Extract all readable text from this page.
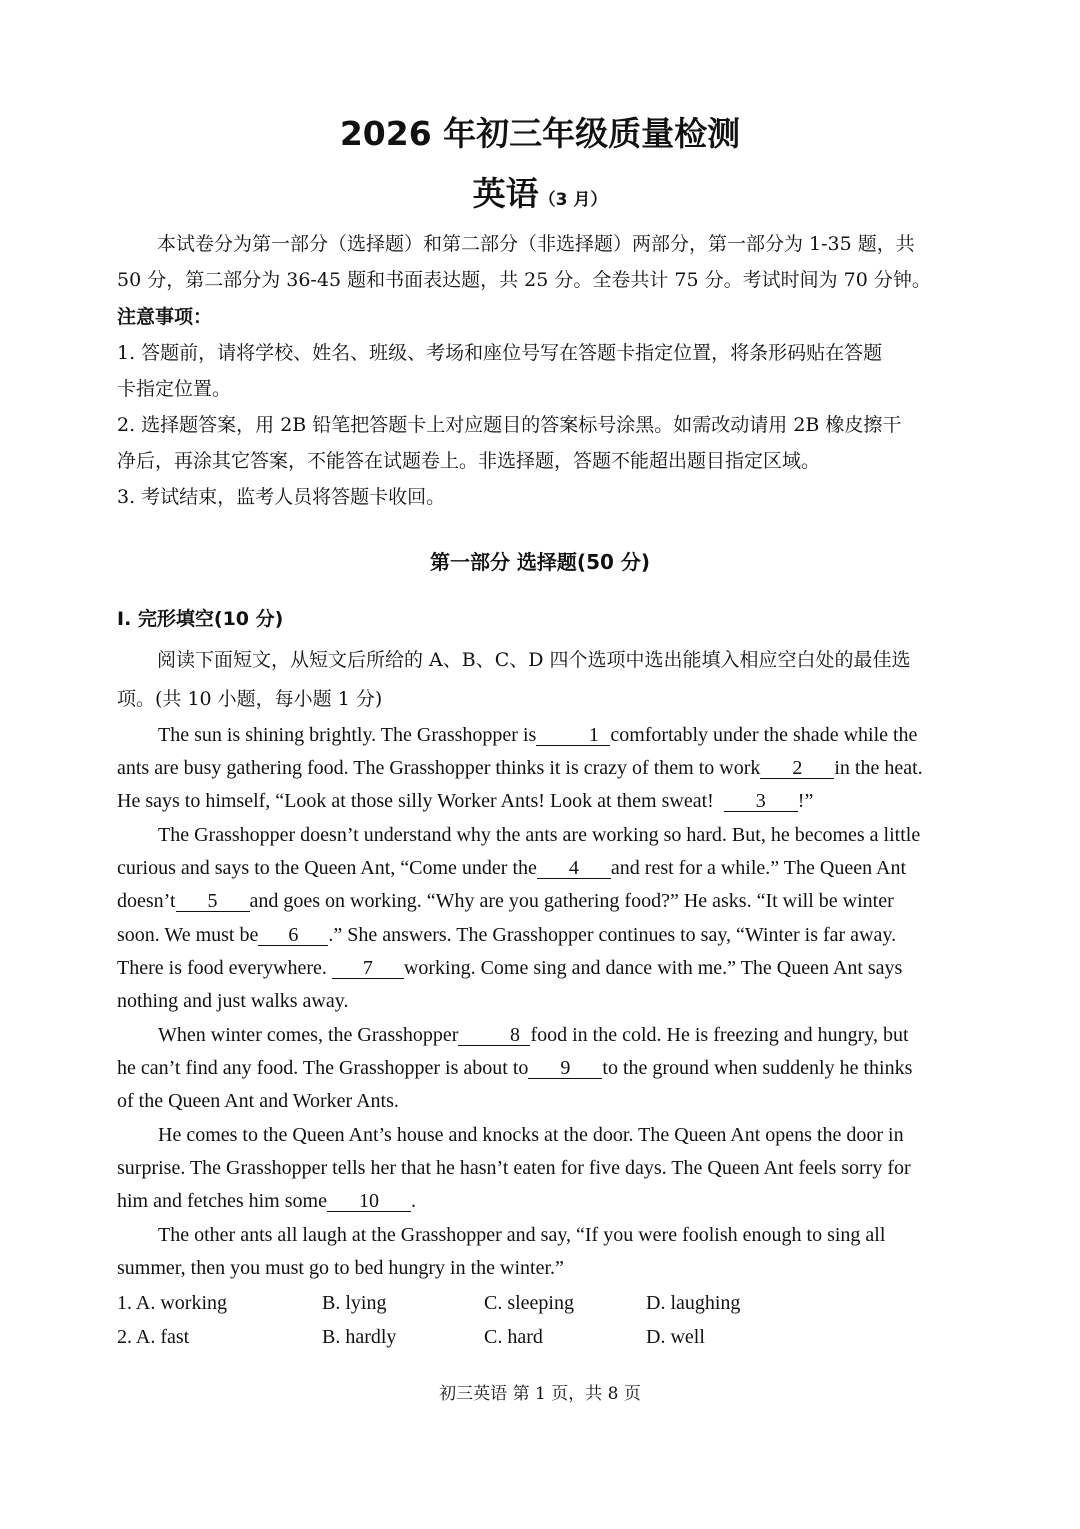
2026 年初三年级质量检测
英语（3 月）
本试卷分为第一部分（选择题）和第二部分（非选择题）两部分，第一部分为 1-35 题，共
50 分，第二部分为 36-45 题和书面表达题，共 25 分。全卷共计 75 分。考试时间为 70 分钟。
注意事项：
1. 答题前，请将学校、姓名、班级、考场和座位号写在答题卡指定位置，将条形码贴在答题
卡指定位置。
2. 选择题答案，用 2B 铅笔把答题卡上对应题目的答案标号涂黑。如需改动请用 2B 橡皮擦干
净后，再涂其它答案，不能答在试题卷上。非选择题，答题不能超出题目指定区域。
3. 考试结束，监考人员将答题卡收回。
第一部分 选择题(50 分)
I. 完形填空(10 分)
阅读下面短文，从短文后所给的 A、B、C、D 四个选项中选出能填入相应空白处的最佳选
项。(共 10 小题，每小题 1 分)
The sun is shining brightly. The Grasshopper is	1 comfortably under the shade while the
ants are busy gathering food. The Grasshopper thinks it is crazy of them to work 2 in the heat.
He says to himself, “Look at those silly Worker Ants! Look at them sweat! 3 !”
The Grasshopper doesn’t understand why the ants are working so hard. But, he becomes a little
curious and says to the Queen Ant, “Come under the 4 and rest for a while.” The Queen Ant
doesn’t 5 and goes on working. “Why are you gathering food?” He asks. “It will be winter
soon. We must be 6 .” She answers. The Grasshopper continues to say, “Winter is far away.
There is food everywhere. 7 working. Come sing and dance with me.” The Queen Ant says
nothing and just walks away.
When winter comes, the Grasshopper	8 food in the cold. He is freezing and hungry, but
he can’t find any food. The Grasshopper is about to 9 to the ground when suddenly he thinks
of the Queen Ant and Worker Ants.
He comes to the Queen Ant’s house and knocks at the door. The Queen Ant opens the door in
surprise. The Grasshopper tells her that he hasn’t eaten for five days. The Queen Ant feels sorry for
him and fetches him some 10 .
The other ants all laugh at the Grasshopper and say, “If you were foolish enough to sing all
summer, then you must go to bed hungry in the winter.”
1. A. working	B. lying	C. sleeping	D. laughing
2. A. fast	B. hardly	C. hard	D. well
初三英语 第 1 页，共 8 页
